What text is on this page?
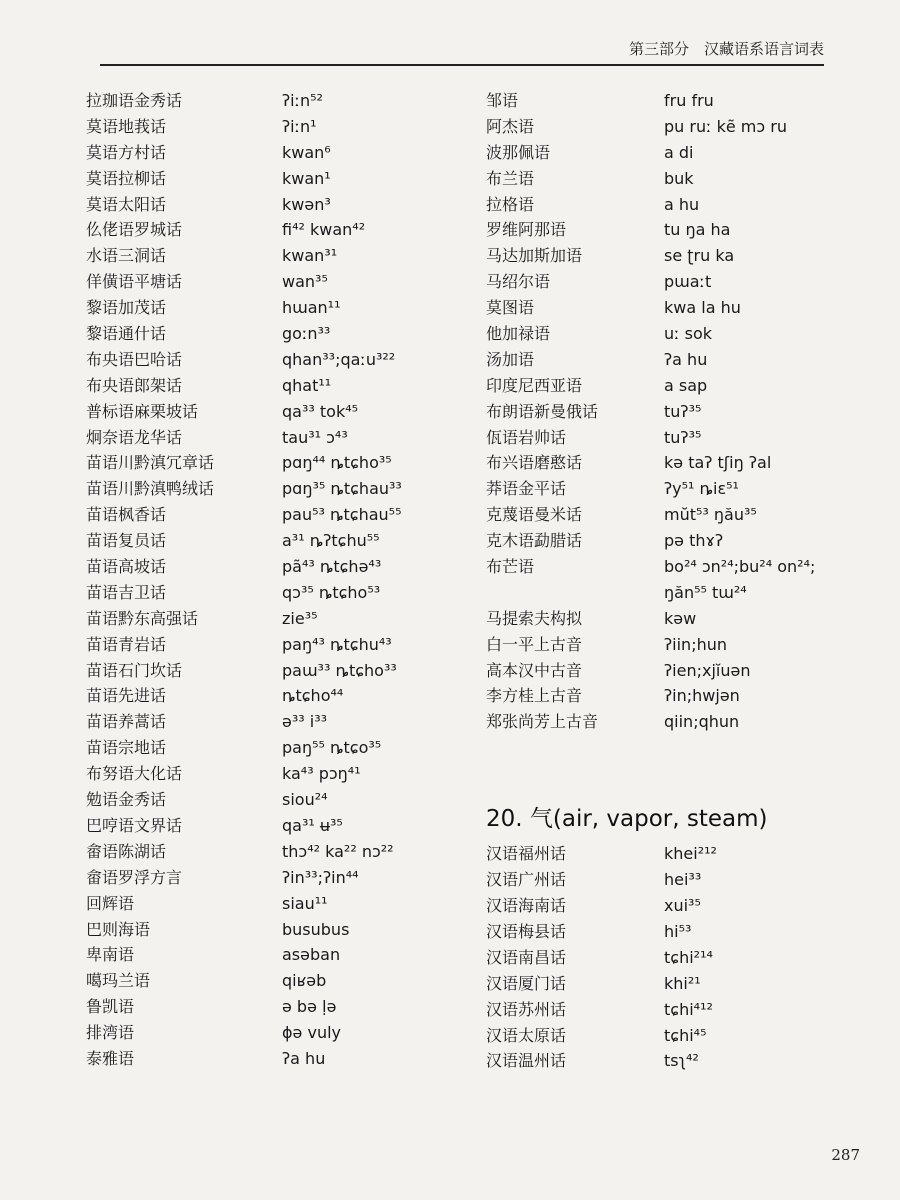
第三部分　汉藏语系语言词表
拉珈语金秀话	ʔiːn⁵²
莫语地莪话	ʔiːn¹
莫语方村话	kwan⁶
莫语拉柳话	kwan¹
莫语太阳话	kwən³
仫佬语罗城话	fi⁴² kwan⁴²
水语三洞话	kwan³¹
佯僙语平塘话	wan³⁵
黎语加茂话	hɯan¹¹
黎语通什话	goːn³³
布央语巴哈话	qhan³³;qaːu³²²
布央语郎架话	qhat¹¹
普标语麻栗坡话	qa³³ tok⁴⁵
炯奈语龙华话	tau³¹ ɔ⁴³
苗语川黔滇冗章话	pɑŋ⁴⁴ ȵtɕho³⁵
苗语川黔滇鸭绒话	pɑŋ³⁵ ȵtɕhau³³
苗语枫香话	pau⁵³ ȵtɕhau⁵⁵
苗语复员话	a³¹ ȵʔtɕhu⁵⁵
苗语高坡话	pã⁴³ ȵtɕhə⁴³
苗语吉卫话	qɔ³⁵ ȵtɕho⁵³
苗语黔东高强话	zie³⁵
苗语青岩话	paŋ⁴³ ȵtɕhu⁴³
苗语石门坎话	paɯ³³ ȵtɕho³³
苗语先进话	ȵtɕho⁴⁴
苗语养蒿话	ə³³ i³³
苗语宗地话	paŋ⁵⁵ ȵtɕo³⁵
布努语大化话	ka⁴³ pɔŋ⁴¹
勉语金秀话	siou²⁴
巴哼语文界话	qa³¹ ʉ³⁵
畲语陈湖话	thɔ⁴² ka²² nɔ²²
畲语罗浮方言	ʔin³³;ʔin⁴⁴
回辉语	siau¹¹
巴则海语	busubus
卑南语	asəban
噶玛兰语	qiʁəb
鲁凯语	ə bə ḷə
排湾语	ɸə vuly
泰雅语	ʔa hu
邹语	fru fru
阿杰语	pu ruː kẽ mɔ ru
波那佩语	a di
布兰语	buk
拉格语	a hu
罗维阿那语	tu ŋa ha
马达加斯加语	se ʈru ka
马绍尔语	pɯaːt
莫图语	kwa la hu
他加禄语	uː sok
汤加语	ʔa hu
印度尼西亚语	a sap
布朗语新曼俄话	tuʔ³⁵
佤语岩帅话	tuʔ³⁵
布兴语磨憨话	kə taʔ tʃiŋ ʔal
莽语金平话	ʔy⁵¹ ȵiɛ⁵¹
克蔑语曼米话	mŭt⁵³ ŋău³⁵
克木语勐腊话	pə thɤʔ
布芒语	bo²⁴ ɔn²⁴;bu²⁴ on²⁴;
ŋăn⁵⁵ tɯ²⁴
马提索夫构拟	kəw
白一平上古音	ʔiin;hun
高本汉中古音	ʔien;xjĭuən
李方桂上古音	ʔin;hwjən
郑张尚芳上古音	qiin;qhun
20. 气(air, vapor, steam)
汉语福州话	khei²¹²
汉语广州话	hei³³
汉语海南话	xui³⁵
汉语梅县话	hi⁵³
汉语南昌话	tɕhi²¹⁴
汉语厦门话	khi²¹
汉语苏州话	tɕhi⁴¹²
汉语太原话	tɕhi⁴⁵
汉语温州话	tsʅ⁴²
287
